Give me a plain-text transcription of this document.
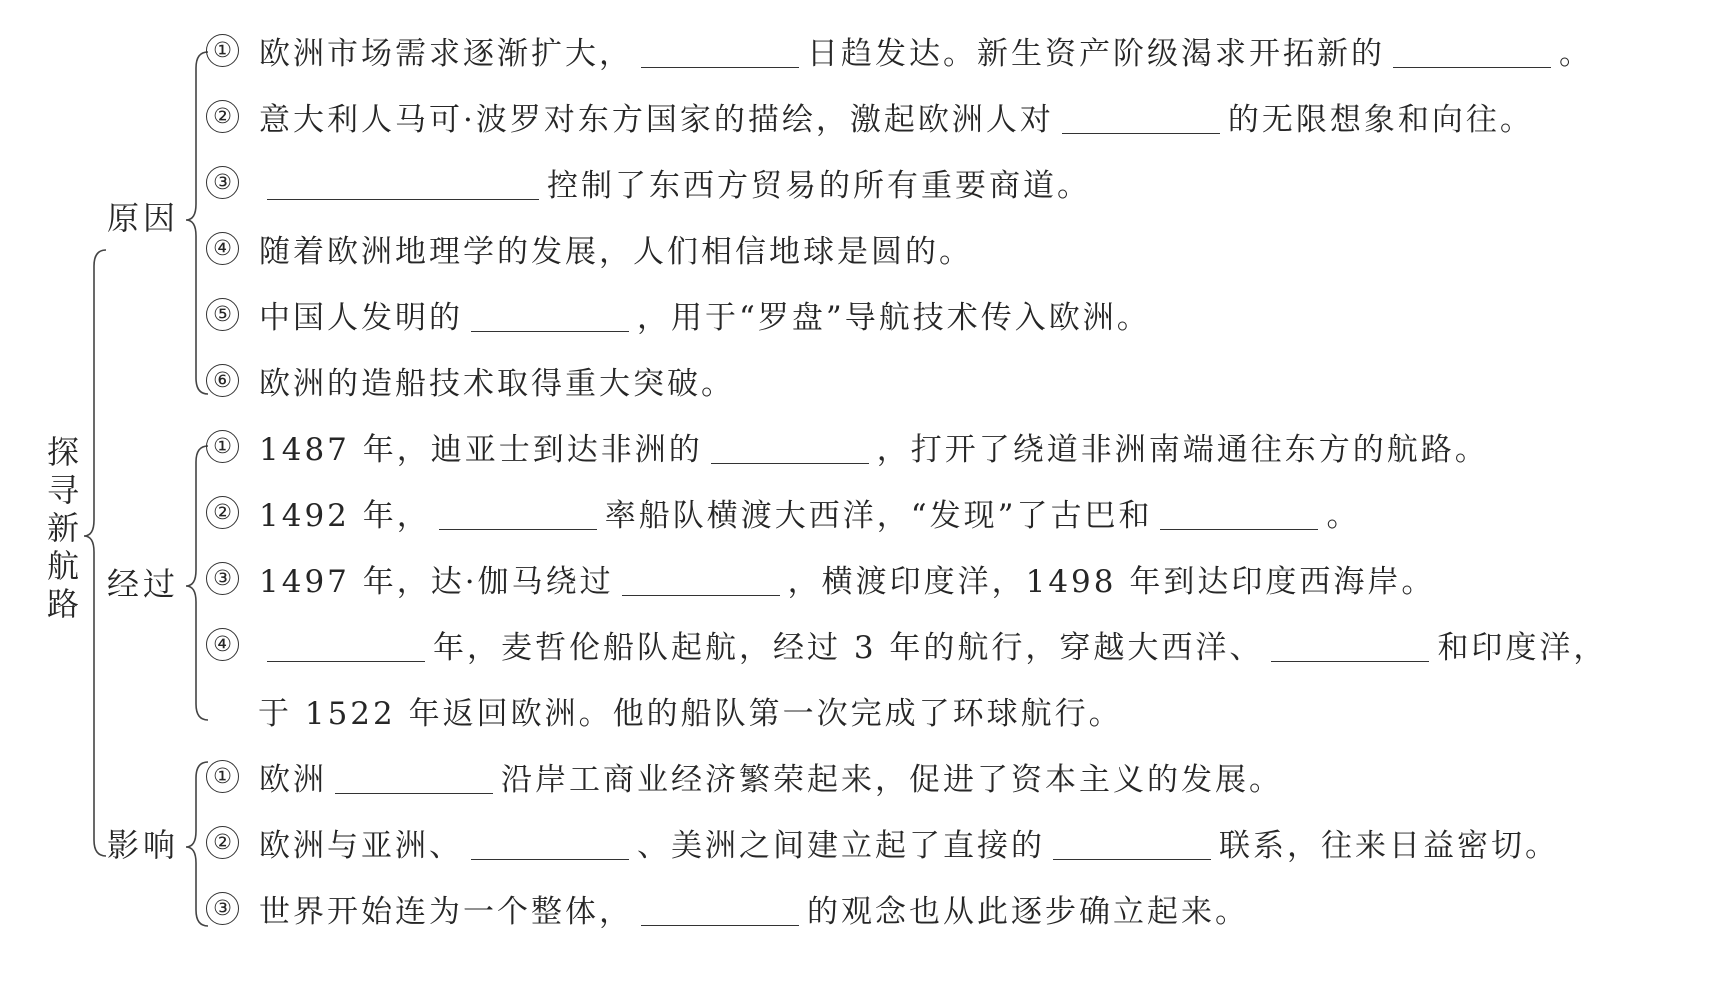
探
寻
新
航
路
原因
经过
影响
① 欧洲市场需求逐渐扩大，	日趋发达。新生资产阶级渴求开拓新的	。
② 意大利人马可·波罗对东方国家的描绘，激起欧洲人对	的无限想象和向往。
③	控制了东西方贸易的所有重要商道。
④ 随着欧洲地理学的发展，人们相信地球是圆的。
⑤ 中国人发明的	，用于“罗盘”导航技术传入欧洲。
⑥ 欧洲的造船技术取得重大突破。
① 1487 年，迪亚士到达非洲的	，打开了绕道非洲南端通往东方的航路。
② 1492 年，	率船队横渡大西洋，“发现”了古巴和	。
③ 1497 年，达·伽马绕过	，横渡印度洋，1498 年到达印度西海岸。
④	年，麦哲伦船队起航，经过 3 年的航行，穿越大西洋、	和印度洋，
于 1522 年返回欧洲。他的船队第一次完成了环球航行。
① 欧洲	沿岸工商业经济繁荣起来，促进了资本主义的发展。
② 欧洲与亚洲、	、美洲之间建立起了直接的	联系，往来日益密切。
③ 世界开始连为一个整体，	的观念也从此逐步确立起来。
